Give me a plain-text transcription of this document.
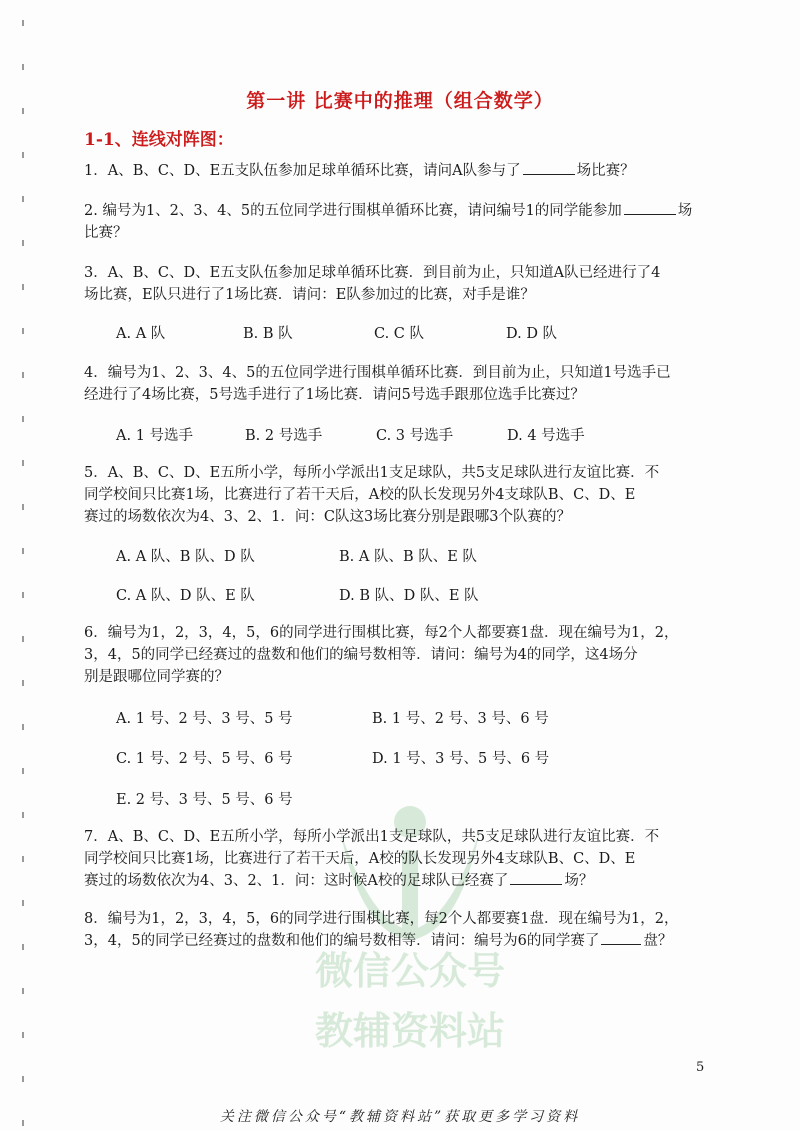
微信公众号
教辅资料站
第一讲 比赛中的推理（组合数学）
1-1、连线对阵图：
1．A、B、C、D、E五支队伍参加足球单循环比赛，请问A队参与了	场比赛？
2. 编号为1、2、3、4、5的五位同学进行围棋单循环比赛，请问编号1的同学能参加	场
比赛？
3．A、B、C、D、E五支队伍参加足球单循环比赛．到目前为止，只知道A队已经进行了4
场比赛，E队只进行了1场比赛．请问：E队参加过的比赛，对手是谁？
A. A 队	B. B 队	C. C 队	D. D 队
4．编号为1、2、3、4、5的五位同学进行围棋单循环比赛．到目前为止，只知道1号选手已
经进行了4场比赛，5号选手进行了1场比赛．请问5号选手跟那位选手比赛过？
A. 1 号选手	B. 2 号选手	C. 3 号选手	D. 4 号选手
5．A、B、C、D、E五所小学，每所小学派出1支足球队，共5支足球队进行友谊比赛．不
同学校间只比赛1场，比赛进行了若干天后，A校的队长发现另外4支球队B、C、D、E
赛过的场数依次为4、3、2、1．问：C队这3场比赛分别是跟哪3个队赛的？
A. A 队、B 队、D 队	B. A 队、B 队、E 队
C. A 队、D 队、E 队	D. B 队、D 队、E 队
6．编号为1，2，3，4，5，6的同学进行围棋比赛，每2个人都要赛1盘．现在编号为1，2，
3，4，5的同学已经赛过的盘数和他们的编号数相等．请问：编号为4的同学，这4场分
别是跟哪位同学赛的？
A. 1 号、2 号、3 号、5 号	B. 1 号、2 号、3 号、6 号
C. 1 号、2 号、5 号、6 号	D. 1 号、3 号、5 号、6 号
E. 2 号、3 号、5 号、6 号
7．A、B、C、D、E五所小学，每所小学派出1支足球队，共5支足球队进行友谊比赛．不
同学校间只比赛1场，比赛进行了若干天后，A校的队长发现另外4支球队B、C、D、E
赛过的场数依次为4、3、2、1．问：这时候A校的足球队已经赛了	场？
8．编号为1，2，3，4，5，6的同学进行围棋比赛，每2个人都要赛1盘．现在编号为1，2，
3，4，5的同学已经赛过的盘数和他们的编号数相等．请问：编号为6的同学赛了	盘？
5
关注微信公众号“教辅资料站”获取更多学习资料
